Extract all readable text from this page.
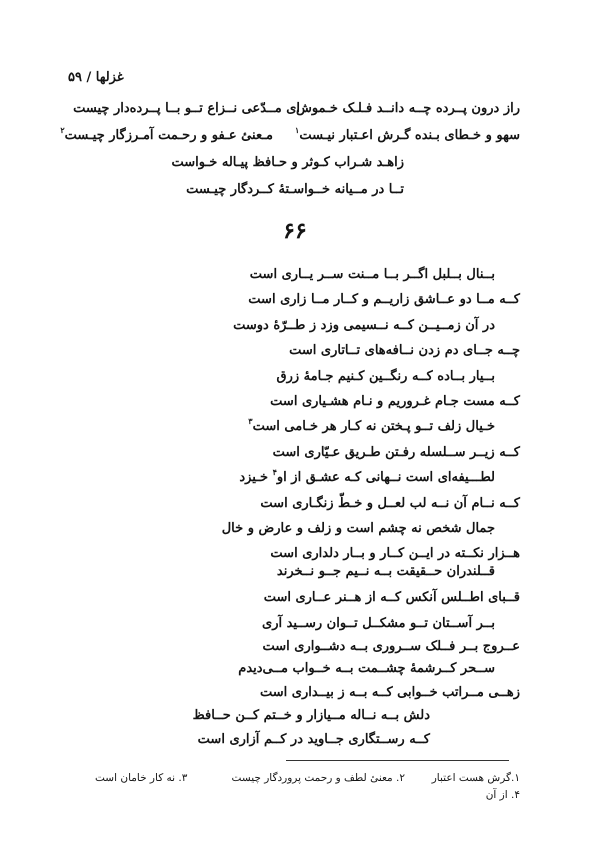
غزلها / ۵۹
راز درون پــرده چــه دانــد فـلـک خـموش
ای مــدّعی نــزاع تــو بــا پــرده‌دار چیست
سهو و خـطای بـنده گـرش اعـتبار نیـست$^۱$
مـعنئ عـفو و رحـمت آمـرزگار چیـست$^۲$
زاهـد شـراب کـوثر و حـافظ پیـاله خـواست
تــا در مــیانه خــواسـتهٔ کــردگار چیـست
۶۶
بــنال بــلبل اگــر بــا مــنت ســر یــاری است
کــه مــا دو عــاشق زاریــم و کــار مــا زاری است
در آن زمــیــن کــه نــسیمی وزد ز طــرّهٔ دوست
چــه جــای دم زدن نــافه‌های تــاتاری است
بــیار بــاده کــه رنگــین کـنیم جـامهٔ زرق
کــه مست جـام غـروریم و نـام هشـیاری است
خـیال زلف تــو پـختن نه کـار هر خـامی است$^۳$
کــه زیــر ســلسله رفـتن طـریق عـیّاری است
لطـــیفه‌ای است نــهانی کـه عشـق از او$^۴$ خـیزد
کــه نــام آن نــه لب لعــل و خـطّ زنگـاری است
جمال شخص نه چشم است و زلف و عارض و خال
هــزار نکــته در ایــن کــار و بــار دلداری است
قــلندران حــقیقت بــه نــیم جــو نــخرند
قــبای اطــلس آنکس کــه از هــنر عــاری است
بــر آســتان تــو مشکــل تــوان رســید آری
عــروج بــر فــلک ســروری بــه دشــواری است
ســحر کــرشمهٔ چشــمت بــه خــواب مــی‌دیدم
زهــی مــراتب خــوابی کــه بــه ز بیــداری است
دلش بــه نــاله مــیازار و خــتم کــن حــافظ
کــه رســتگاری جــاوید در کــم آزاری است
۱.گرش هست اعتبار
۲. معنئ لطف و رحمت پروردگار چیست
۳. نه کار خامان است
۴. از آن
